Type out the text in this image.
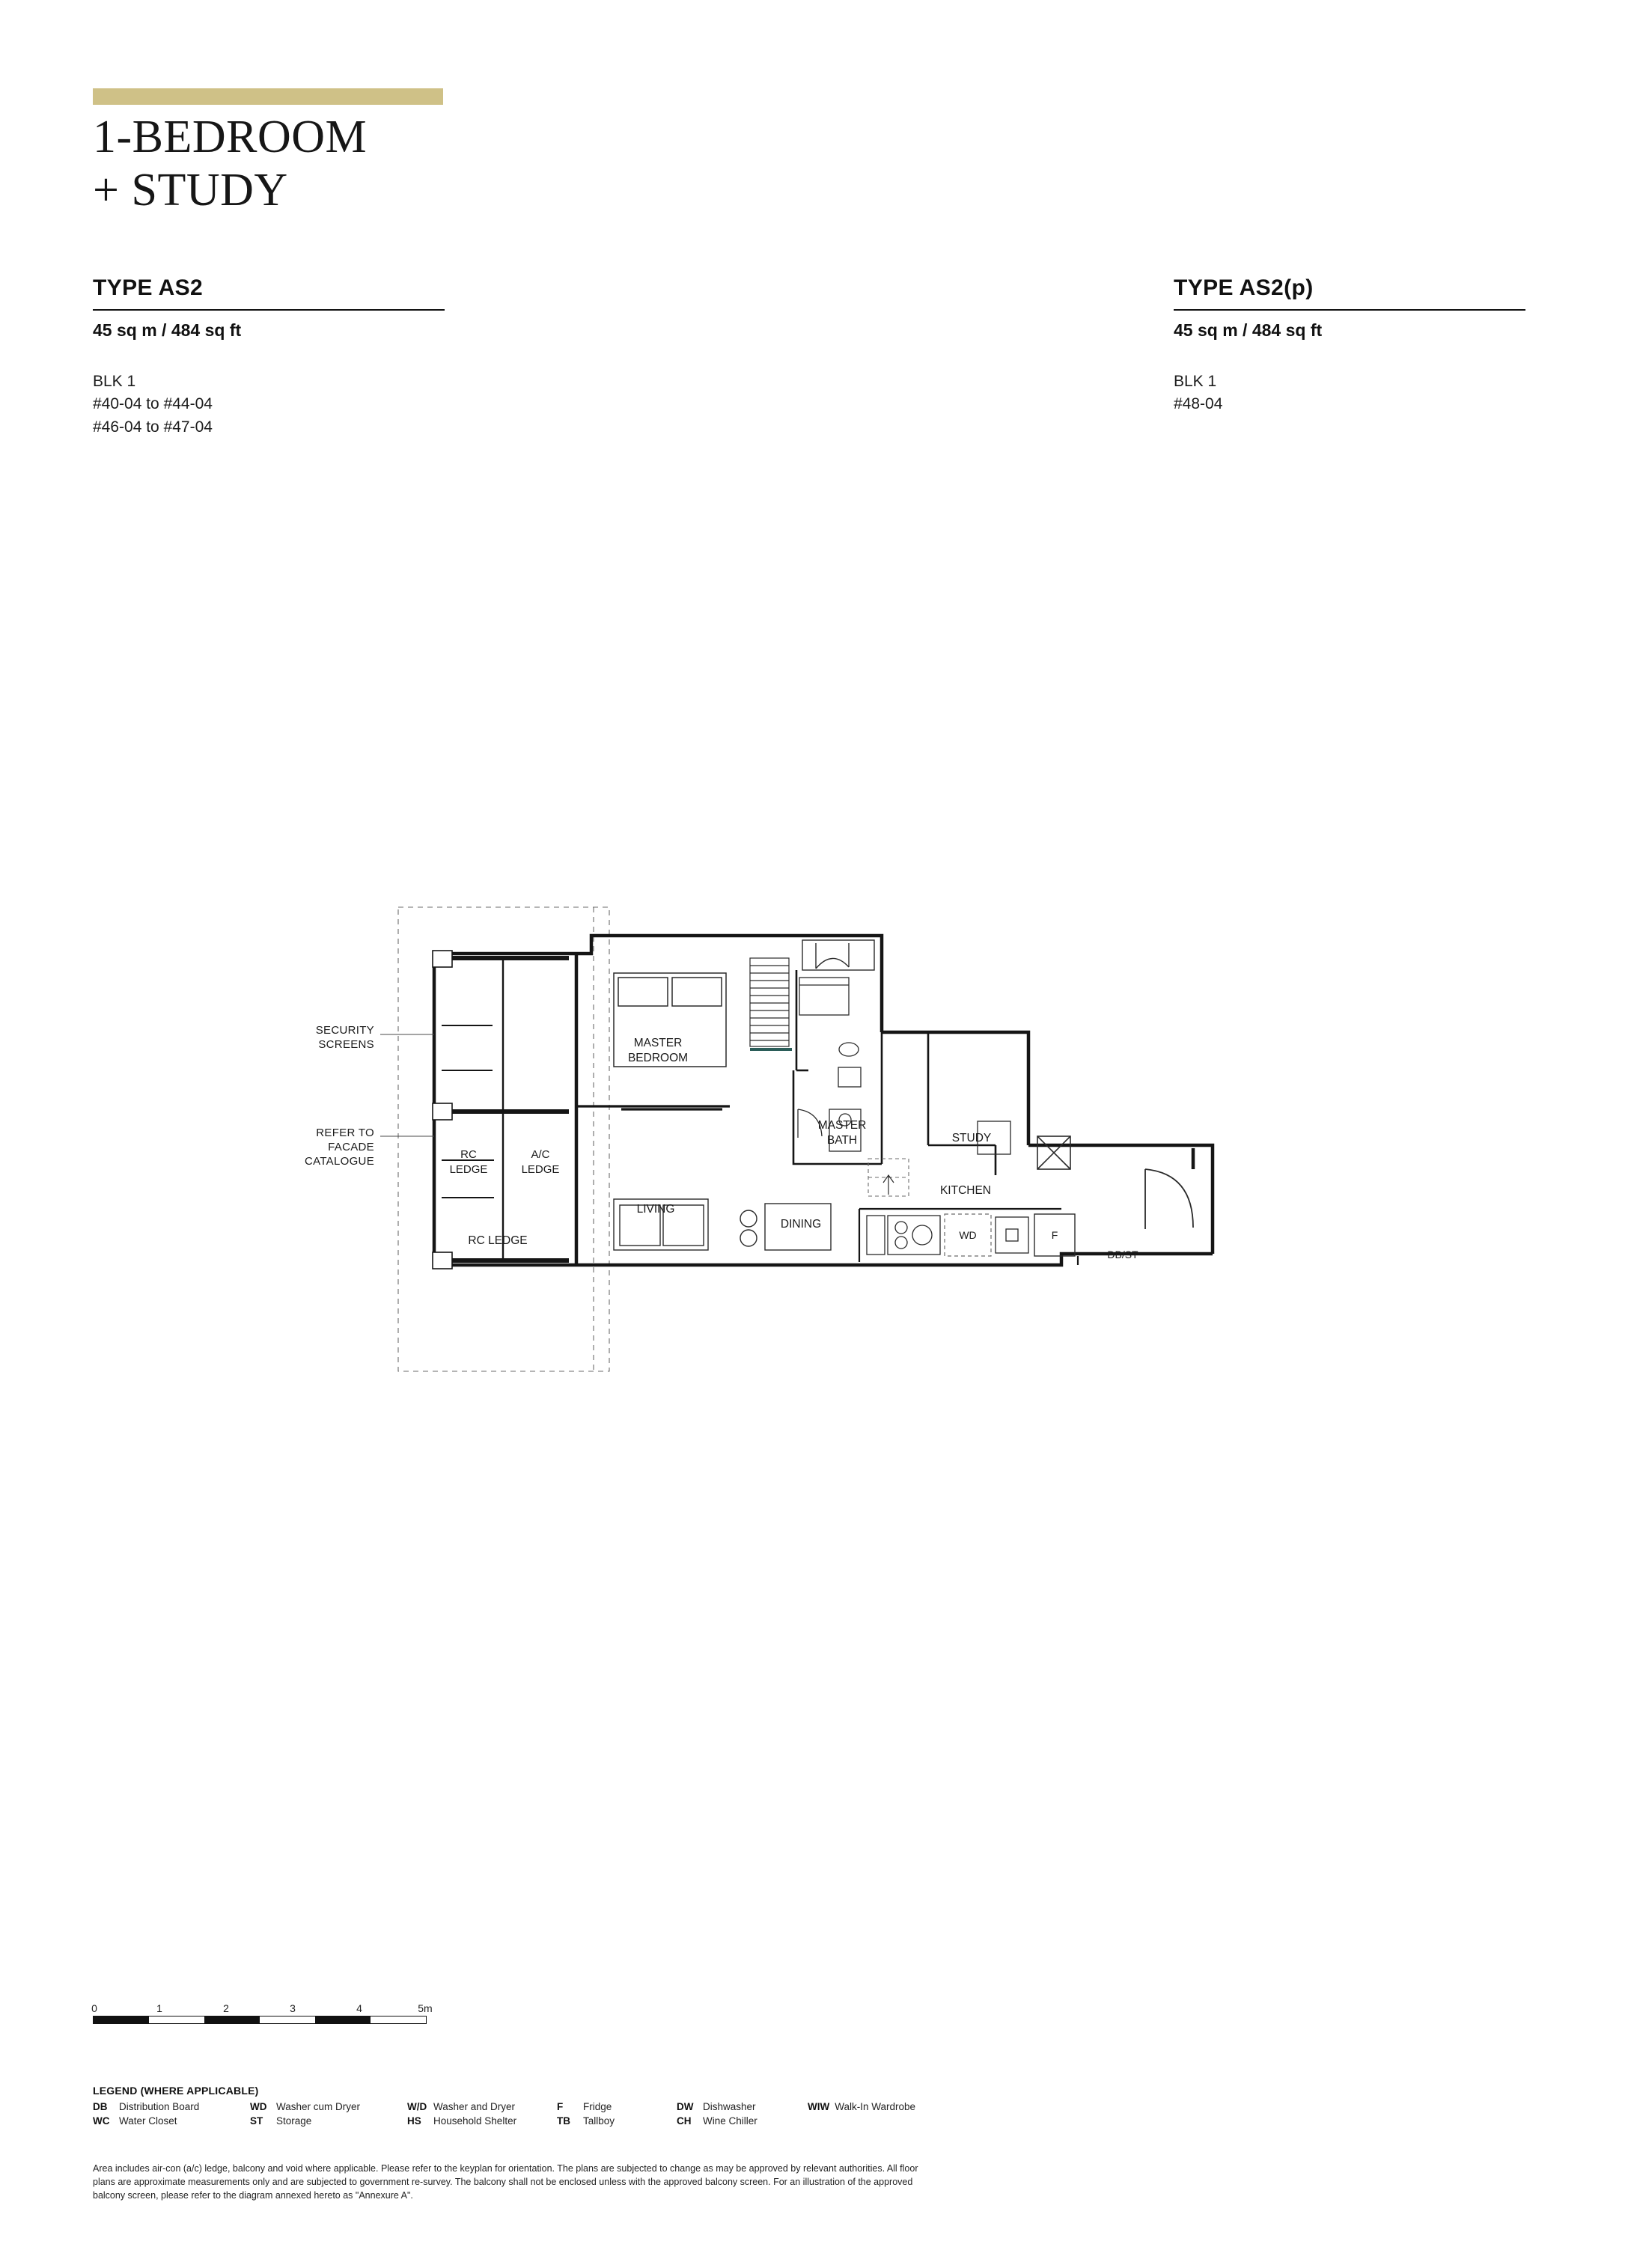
1-BEDROOM
+ STUDY
TYPE AS2
45 sq m / 484 sq ft
BLK 1
#40-04 to #44-04
#46-04 to #47-04
TYPE AS2(p)
45 sq m / 484 sq ft
BLK 1
#48-04
SECURITY
SCREENS
REFER TO
FACADE
CATALOGUE	RC
LEDGE
A/C
LEDGE
MASTER
BEDROOM
MASTER
BATH	STUDY
RC LEDGE
LIVING
DINING
KITCHEN
WD	F
DB/ST
0	1	2	3	4	5m
LEGEND (WHERE APPLICABLE)
DB	Distribution Board	WD Washer cum Dryer	W/D Washer and Dryer	F	Fridge	DW Dishwasher	WIW Walk-In Wardrobe
WC Water Closet	ST	Storage	HS	Household Shelter	TB	Tallboy	CH	Wine Chiller
Area includes air-con (a/c) ledge, balcony and void where applicable. Please refer to the keyplan for orientation. The plans are subjected to change as may be approved by relevant authorities. All floor plans are approximate measurements only and are subjected to government re-survey. The balcony shall not be enclosed unless with the approved balcony screen. For an illustration of the approved balcony screen, please refer to the diagram annexed hereto as "Annexure A".
